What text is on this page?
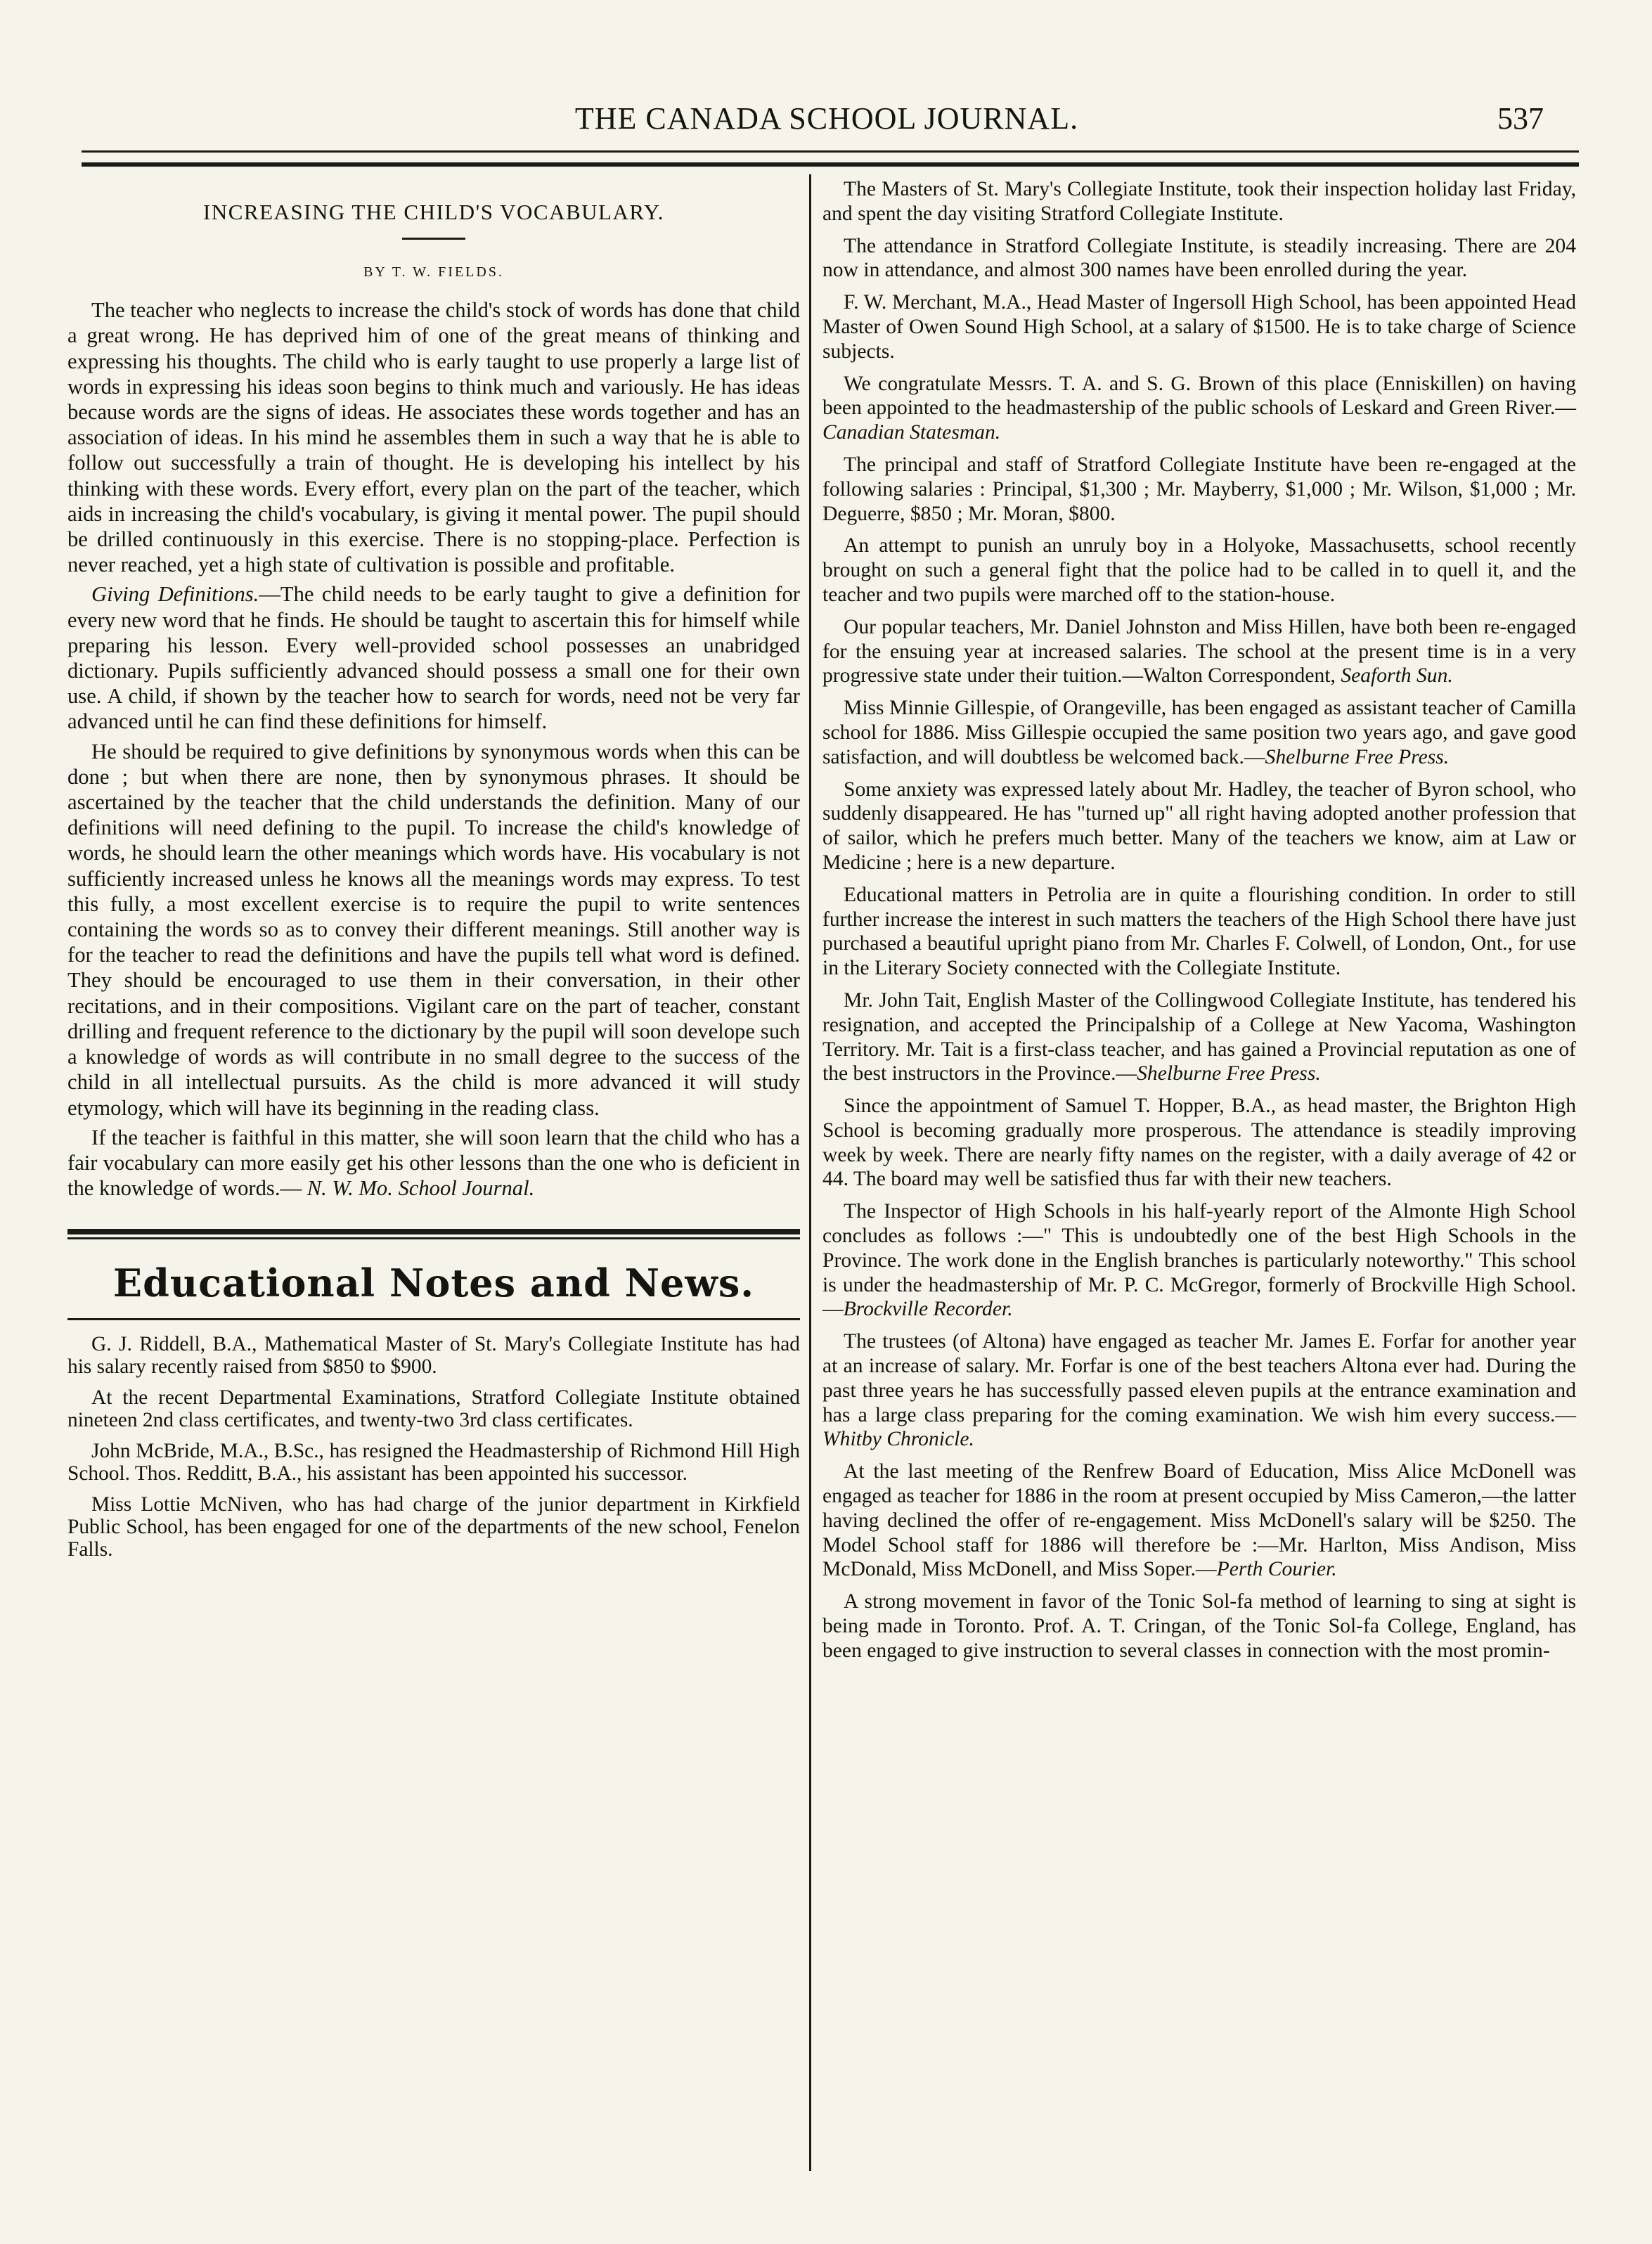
THE CANADA SCHOOL JOURNAL.	537
INCREASING THE CHILD'S VOCABULARY.
BY T. W. FIELDS.

The teacher who neglects to increase the child's stock of words has done that child a great wrong. He has deprived him of one of the great means of thinking and expressing his thoughts. The child who is early taught to use properly a large list of words in expressing his ideas soon begins to think much and variously. He has ideas because words are the signs of ideas. He associates these words together and has an association of ideas. In his mind he assembles them in such a way that he is able to follow out successfully a train of thought. He is developing his intellect by his thinking with these words. Every effort, every plan on the part of the teacher, which aids in increasing the child's vocabulary, is giving it mental power. The pupil should be drilled continuously in this exercise. There is no stopping-place. Perfection is never reached, yet a high state of cultivation is possible and profitable.

Giving Definitions.—The child needs to be early taught to give a definition for every new word that he finds. He should be taught to ascertain this for himself while preparing his lesson. Every well-provided school possesses an unabridged dictionary. Pupils sufficiently advanced should possess a small one for their own use. A child, if shown by the teacher how to search for words, need not be very far advanced until he can find these definitions for himself.

He should be required to give definitions by synonymous words when this can be done ; but when there are none, then by synonymous phrases. It should be ascertained by the teacher that the child understands the definition. Many of our definitions will need defining to the pupil. To increase the child's knowledge of words, he should learn the other meanings which words have. His vocabulary is not sufficiently increased unless he knows all the meanings words may express. To test this fully, a most excellent exercise is to require the pupil to write sentences containing the words so as to convey their different meanings. Still another way is for the teacher to read the definitions and have the pupils tell what word is defined. They should be encouraged to use them in their conversation, in their other recitations, and in their compositions. Vigilant care on the part of teacher, constant drilling and frequent reference to the dictionary by the pupil will soon develope such a knowledge of words as will contribute in no small degree to the success of the child in all intellectual pursuits. As the child is more advanced it will study etymology, which will have its beginning in the reading class.

If the teacher is faithful in this matter, she will soon learn that the child who has a fair vocabulary can more easily get his other lessons than the one who is deficient in the knowledge of words.— N. W. Mo. School Journal.

Educational Notes and News.

G. J. Riddell, B.A., Mathematical Master of St. Mary's Collegiate Institute has had his salary recently raised from $850 to $900.

At the recent Departmental Examinations, Stratford Collegiate Institute obtained nineteen 2nd class certificates, and twenty-two 3rd class certificates.

John McBride, M.A., B.Sc., has resigned the Headmastership of Richmond Hill High School. Thos. Redditt, B.A., his assistant has been appointed his successor.

Miss Lottie McNiven, who has had charge of the junior department in Kirkfield Public School, has been engaged for one of the departments of the new school, Fenelon Falls.

The Masters of St. Mary's Collegiate Institute, took their inspection holiday last Friday, and spent the day visiting Stratford Collegiate Institute.

The attendance in Stratford Collegiate Institute, is steadily increasing. There are 204 now in attendance, and almost 300 names have been enrolled during the year.

F. W. Merchant, M.A., Head Master of Ingersoll High School, has been appointed Head Master of Owen Sound High School, at a salary of $1500. He is to take charge of Science subjects.

We congratulate Messrs. T. A. and S. G. Brown of this place (Enniskillen) on having been appointed to the headmastership of the public schools of Leskard and Green River.—Canadian Statesman.

The principal and staff of Stratford Collegiate Institute have been re-engaged at the following salaries : Principal, $1,300 ; Mr. Mayberry, $1,000 ; Mr. Wilson, $1,000 ; Mr. Deguerre, $850 ; Mr. Moran, $800.

An attempt to punish an unruly boy in a Holyoke, Massachusetts, school recently brought on such a general fight that the police had to be called in to quell it, and the teacher and two pupils were marched off to the station-house.

Our popular teachers, Mr. Daniel Johnston and Miss Hillen, have both been re-engaged for the ensuing year at increased salaries. The school at the present time is in a very progressive state under their tuition.—Walton Correspondent, Seaforth Sun.

Miss Minnie Gillespie, of Orangeville, has been engaged as assistant teacher of Camilla school for 1886. Miss Gillespie occupied the same position two years ago, and gave good satisfaction, and will doubtless be welcomed back.—Shelburne Free Press.

Some anxiety was expressed lately about Mr. Hadley, the teacher of Byron school, who suddenly disappeared. He has "turned up" all right having adopted another profession that of sailor, which he prefers much better. Many of the teachers we know, aim at Law or Medicine ; here is a new departure.

Educational matters in Petrolia are in quite a flourishing condition. In order to still further increase the interest in such matters the teachers of the High School there have just purchased a beautiful upright piano from Mr. Charles F. Colwell, of London, Ont., for use in the Literary Society connected with the Collegiate Institute.

Mr. John Tait, English Master of the Collingwood Collegiate Institute, has tendered his resignation, and accepted the Principalship of a College at New Yacoma, Washington Territory. Mr. Tait is a first-class teacher, and has gained a Provincial reputation as one of the best instructors in the Province.—Shelburne Free Press.

Since the appointment of Samuel T. Hopper, B.A., as head master, the Brighton High School is becoming gradually more prosperous. The attendance is steadily improving week by week. There are nearly fifty names on the register, with a daily average of 42 or 44. The board may well be satisfied thus far with their new teachers.

The Inspector of High Schools in his half-yearly report of the Almonte High School concludes as follows :—" This is undoubtedly one of the best High Schools in the Province. The work done in the English branches is particularly noteworthy." This school is under the headmastership of Mr. P. C. McGregor, formerly of Brockville High School.—Brockville Recorder.

The trustees (of Altona) have engaged as teacher Mr. James E. Forfar for another year at an increase of salary. Mr. Forfar is one of the best teachers Altona ever had. During the past three years he has successfully passed eleven pupils at the entrance examination and has a large class preparing for the coming examination. We wish him every success.—Whitby Chronicle.

At the last meeting of the Renfrew Board of Education, Miss Alice McDonell was engaged as teacher for 1886 in the room at present occupied by Miss Cameron,—the latter having declined the offer of re-engagement. Miss McDonell's salary will be $250. The Model School staff for 1886 will therefore be :—Mr. Harlton, Miss Andison, Miss McDonald, Miss McDonell, and Miss Soper.—Perth Courier.

A strong movement in favor of the Tonic Sol-fa method of learning to sing at sight is being made in Toronto. Prof. A. T. Cringan, of the Tonic Sol-fa College, England, has been engaged to give instruction to several classes in connection with the most promin-
